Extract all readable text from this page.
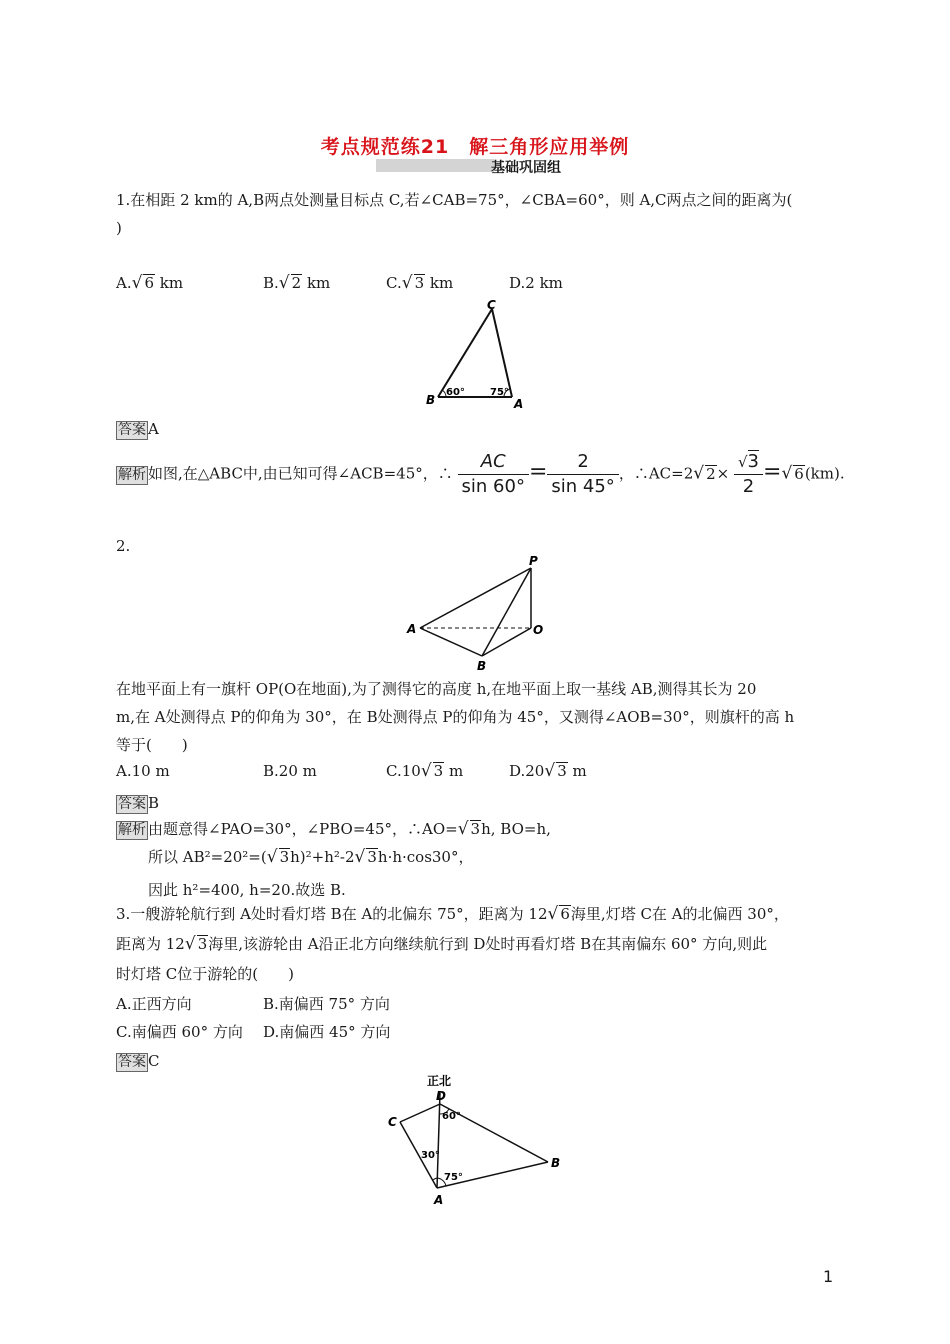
考点规范练21　解三角形应用举例
基础巩固组
1.在相距 2 km的 A,B两点处测量目标点 C,若∠CAB=75°，∠CBA=60°，则 A,C两点之间的距离为(
)
A.√ 6 km	B.√ 2 km	C.√ 3 km	D.2 km
C
B	A
60°	75°
答案 A
解析 如图,在△ABC中,由已知可得∠ACB=45°，∴ $\frac{AC}{\sin 60^\circ} = \frac{2}{\sin 45^\circ}$ ，∴AC=2√ $2\times \frac{√3}{2}$ =√ 6(km).
2.
P
A	O
B
在地平面上有一旗杆 OP(O在地面),为了测得它的高度 h,在地平面上取一基线 AB,测得其长为 20
m,在 A处测得点 P的仰角为 30°，在 B处测得点 P的仰角为 45°，又测得∠AOB=30°，则旗杆的高 h
等于(　　)
A.10 m	B.20 m	C.10√ 3 m	D.20√ 3 m
答案 B
解析 由题意得∠PAO=30°，∠PBO=45°，∴AO=√ 3h, BO=h,
所以 AB²=20²=(√ 3h)²+h²-2√ 3h·h·cos30°，
因此 h²=400, h=20.故选 B.
3.一艘游轮航行到 A处时看灯塔 B在 A的北偏东 75°，距离为 12√ 6海里,灯塔 C在 A的北偏西 30°，
距离为 12√ 3海里,该游轮由 A沿正北方向继续航行到 D处时再看灯塔 B在其南偏东 60° 方向,则此
时灯塔 C位于游轮的(　　)
A.正西方向	B.南偏西 75° 方向
C.南偏西 60° 方向 D.南偏西 45° 方向
答案 C
正北
D
C
B
A
60°
30°
75°
1
